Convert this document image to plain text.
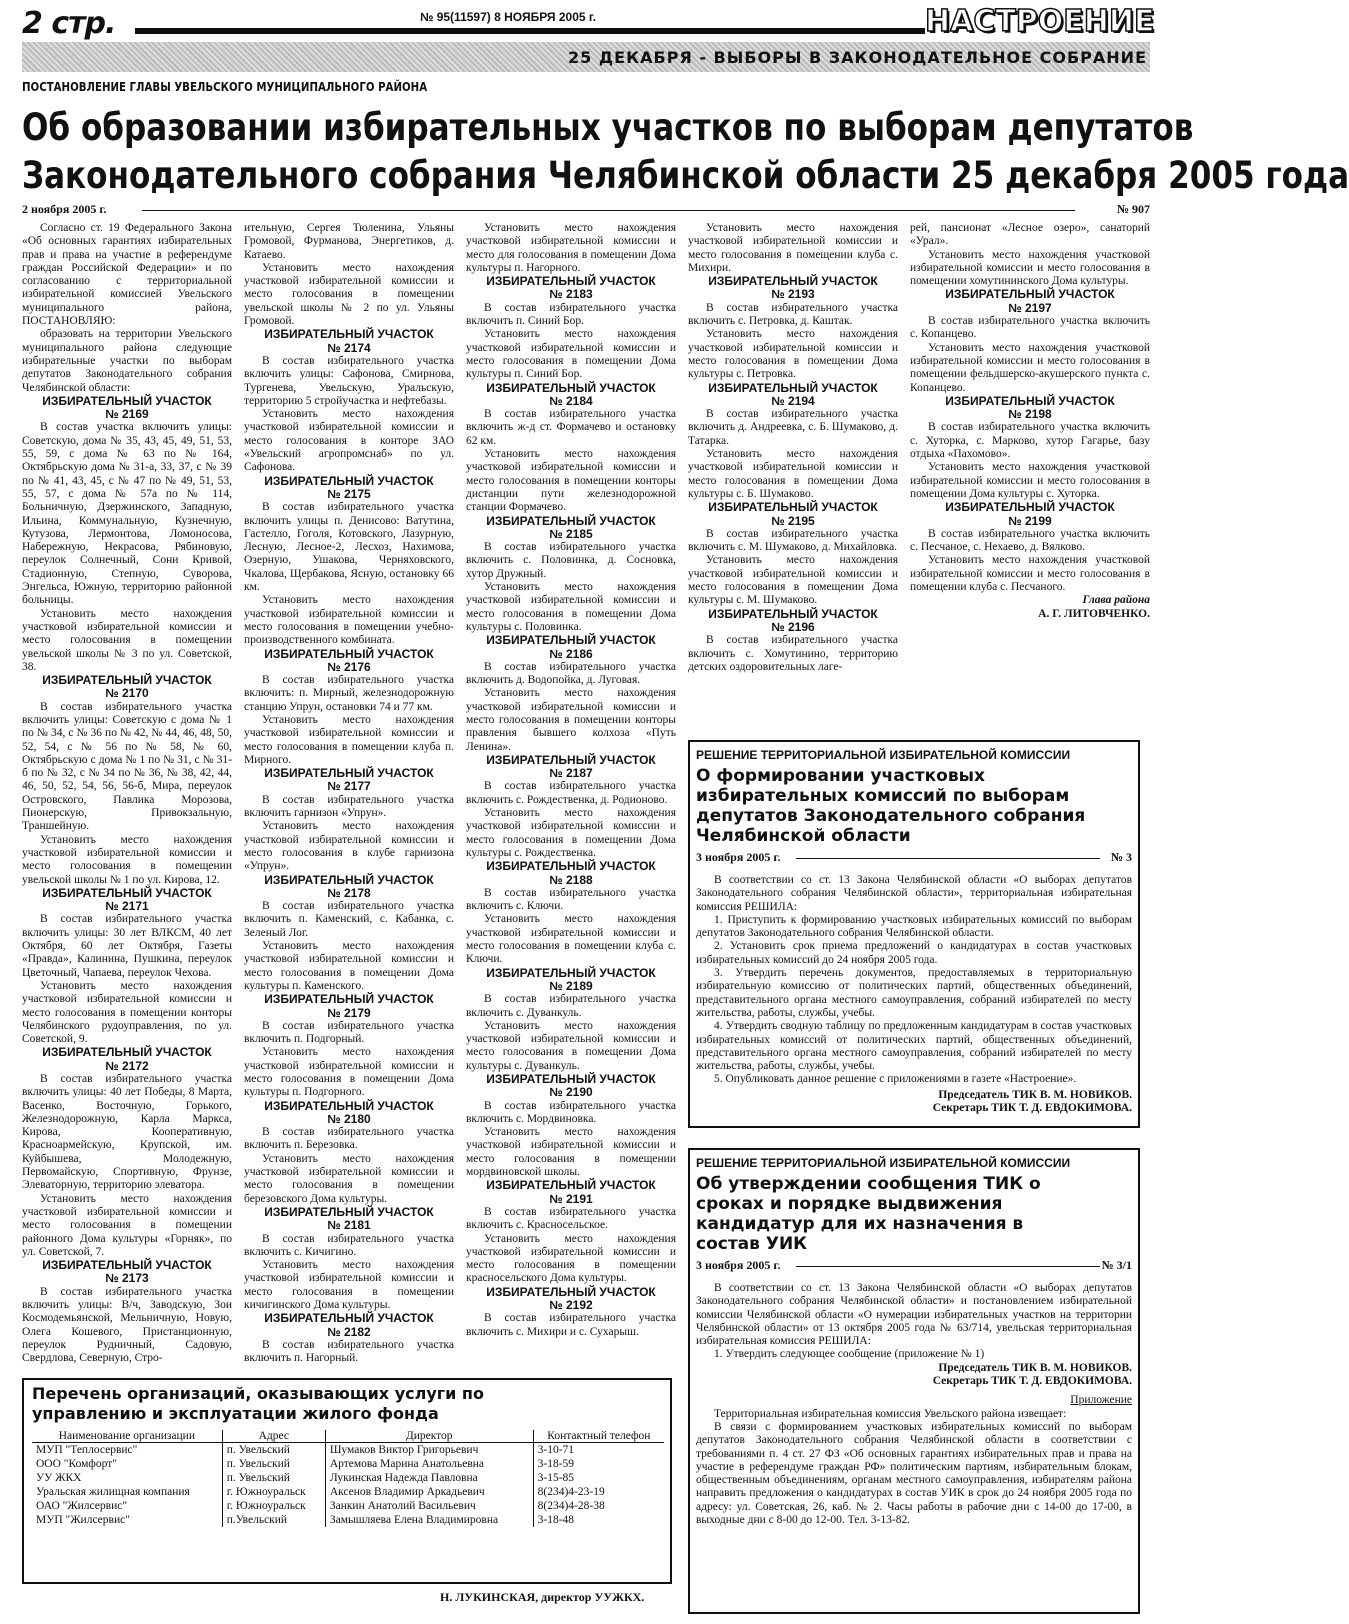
2 стр.	№ 95(11597) 8 НОЯБРЯ 2005 г.	НАСТРОЕНИЕ
25 ДЕКАБРЯ - ВЫБОРЫ В ЗАКОНОДАТЕЛЬНОЕ СОБРАНИЕ
ПОСТАНОВЛЕНИЕ ГЛАВЫ УВЕЛЬСКОГО МУНИЦИПАЛЬНОГО РАЙОНА
Об образовании избирательных участков по выборам депутатов
Законодательного собрания Челябинской области 25 декабря 2005 года
2 ноября 2005 г.	№ 907

Согласно ст. 19 Федерального Закона «Об основных гарантиях избирательных прав и права на участие в референдуме граждан Российской Федерации» и по согласованию с территориальной избирательной комиссией Увельского муниципального района, ПОСТАНОВЛЯЮ:

образовать на территории Увельского муниципального района следующие избирательные участки по выборам депутатов Законодательного собрания Челябинской области:

ИЗБИРАТЕЛЬНЫЙ УЧАСТОК

№ 2169

В состав участка включить улицы: Советскую, дома № 35, 43, 45, 49, 51, 53, 55, 59, с дома № 63 по № 164, Октябрьскую дома № 31-а, 33, 37, с № 39 по № 41, 43, 45, с № 47 по № 49, 51, 53, 55, 57, с дома № 57а по № 114, Больничную, Дзержинского, Западную, Ильина, Коммунальную, Кузнечную, Кутузова, Лермонтова, Ломоносова, Набережную, Некрасова, Рябиновую, переулок Солнечный, Сони Кривой, Стадионную, Степную, Суворова, Энгельса, Южную, территорию районной больницы.

Установить место нахождения участковой избирательной комиссии и место голосования в помещении увельской школы № 3 по ул. Советской, 38.

ИЗБИРАТЕЛЬНЫЙ УЧАСТОК

№ 2170

В состав избирательного участка включить улицы: Советскую с дома № 1 по № 34, с № 36 по № 42, № 44, 46, 48, 50, 52, 54, с № 56 по № 58, № 60, Октябрьскую с дома № 1 по № 31, с № 31-б по № 32, с № 34 по № 36, № 38, 42, 44, 46, 50, 52, 54, 56, 56-б, Мира, переулок Островского, Павлика Морозова, Пионерскую, Привокзальную, Траншейную.

Установить место нахождения участковой избирательной комиссии и место голосования в помещении увельской школы № 1 по ул. Кирова, 12.

ИЗБИРАТЕЛЬНЫЙ УЧАСТОК

№ 2171

В состав избирательного участка включить улицы: 30 лет ВЛКСМ, 40 лет Октября, 60 лет Октября, Газеты «Правда», Калинина, Пушкина, переулок Цветочный, Чапаева, переулок Чехова.

Установить место нахождения участковой избирательной комиссии и место голосования в помещении конторы Челябинского рудоуправления, по ул. Советской, 9.

ИЗБИРАТЕЛЬНЫЙ УЧАСТОК

№ 2172

В состав избирательного участка включить улицы: 40 лет Победы, 8 Марта, Васенко, Восточную, Горького, Железнодорожную, Карла Маркса, Кирова, Кооперативную, Красноармейскую, Крупской, им. Куйбышева, Молодежную, Первомайскую, Спортивную, Фрунзе, Элеваторную, территорию элеватора.

Установить место нахождения участковой избирательной комиссии и место голосования в помещении районного Дома культуры «Горняк», по ул. Советской, 7.

ИЗБИРАТЕЛЬНЫЙ УЧАСТОК

№ 2173

В состав избирательного участка включить улицы: В/ч, Заводскую, Зои Космодемьянской, Мельничную, Новую, Олега Кошевого, Пристанционную, переулок Рудничный, Садовую, Свердлова, Северную, Стро-

ительную, Сергея Тюленина, Ульяны Громовой, Фурманова, Энергетиков, д. Катаево.

Установить место нахождения участковой избирательной комиссии и место голосования в помещении увельской школы № 2 по ул. Ульяны Громовой.

ИЗБИРАТЕЛЬНЫЙ УЧАСТОК

№ 2174

В состав избирательного участка включить улицы: Сафонова, Смирнова, Тургенева, Увельскую, Уральскую, территорию 5 стройучастка и нефтебазы.

Установить место нахождения участковой избирательной комиссии и место голосования в конторе ЗАО «Увельский агропромснаб» по ул. Сафонова.

ИЗБИРАТЕЛЬНЫЙ УЧАСТОК

№ 2175

В состав избирательного участка включить улицы п. Денисово: Ватутина, Гастелло, Гоголя, Котовского, Лазурную, Лесную, Лесное-2, Лесхоз, Нахимова, Озерную, Ушакова, Черняховского, Чкалова, Щербакова, Ясную, остановку 66 км.

Установить место нахождения участковой избирательной комиссии и место голосования в помещении учебно-производственного комбината.

ИЗБИРАТЕЛЬНЫЙ УЧАСТОК

№ 2176

В состав избирательного участка включить: п. Мирный, железнодорожную станцию Упрун, остановки 74 и 77 км.

Установить место нахождения участковой избирательной комиссии и место голосования в помещении клуба п. Мирного.

ИЗБИРАТЕЛЬНЫЙ УЧАСТОК

№ 2177

В состав избирательного участка включить гарнизон «Упрун».

Установить место нахождения участковой избирательной комиссии и место голосования в клубе гарнизона «Упрун».

ИЗБИРАТЕЛЬНЫЙ УЧАСТОК

№ 2178

В состав избирательного участка включить п. Каменский, с. Кабанка, с. Зеленый Лог.

Установить место нахождения участковой избирательной комиссии и место голосования в помещении Дома культуры п. Каменского.

ИЗБИРАТЕЛЬНЫЙ УЧАСТОК

№ 2179

В состав избирательного участка включить п. Подгорный.

Установить место нахождения участковой избирательной комиссии и место голосования в помещении Дома культуры п. Подгорного.

ИЗБИРАТЕЛЬНЫЙ УЧАСТОК

№ 2180

В состав избирательного участка включить п. Березовка.

Установить место нахождения участковой избирательной комиссии и место голосования в помещении березовского Дома культуры.

ИЗБИРАТЕЛЬНЫЙ УЧАСТОК

№ 2181

В состав избирательного участка включить с. Кичигино.

Установить место нахождения участковой избирательной комиссии и место голосования в помещении кичигинского Дома культуры.

ИЗБИРАТЕЛЬНЫЙ УЧАСТОК

№ 2182

В состав избирательного участка включить п. Нагорный.

Установить место нахождения участковой избирательной комиссии и место для голосования в помещении Дома культуры п. Нагорного.

ИЗБИРАТЕЛЬНЫЙ УЧАСТОК

№ 2183

В состав избирательного участка включить п. Синий Бор.

Установить место нахождения участковой избирательной комиссии и место голосования в помещении Дома культуры п. Синий Бор.

ИЗБИРАТЕЛЬНЫЙ УЧАСТОК

№ 2184

В состав избирательного участка включить ж-д ст. Формачево и остановку 62 км.

Установить место нахождения участковой избирательной комиссии и место голосования в помещении конторы дистанции пути железнодорожной станции Формачево.

ИЗБИРАТЕЛЬНЫЙ УЧАСТОК

№ 2185

В состав избирательного участка включить с. Половинка, д. Сосновка, хутор Дружный.

Установить место нахождения участковой избирательной комиссии и место голосования в помещении Дома культуры с. Половинка.

ИЗБИРАТЕЛЬНЫЙ УЧАСТОК

№ 2186

В состав избирательного участка включить д. Водопойка, д. Луговая.

Установить место нахождения участковой избирательной комиссии и место голосования в помещении конторы правления бывшего колхоза «Путь Ленина».

ИЗБИРАТЕЛЬНЫЙ УЧАСТОК

№ 2187

В состав избирательного участка включить с. Рождественка, д. Родионово.

Установить место нахождения участковой избирательной комиссии и место голосования в помещении Дома культуры с. Рождественка.

ИЗБИРАТЕЛЬНЫЙ УЧАСТОК

№ 2188

В состав избирательного участка включить с. Ключи.

Установить место нахождения участковой избирательной комиссии и место голосования в помещении клуба с. Ключи.

ИЗБИРАТЕЛЬНЫЙ УЧАСТОК

№ 2189

В состав избирательного участка включить с. Дуванкуль.

Установить место нахождения участковой избирательной комиссии и место голосования в помещении Дома культуры с. Дуванкуль.

ИЗБИРАТЕЛЬНЫЙ УЧАСТОК

№ 2190

В состав избирательного участка включить с. Мордвиновка.

Установить место нахождения участковой избирательной комиссии и место голосования в помещении мордвиновской школы.

ИЗБИРАТЕЛЬНЫЙ УЧАСТОК

№ 2191

В состав избирательного участка включить с. Красносельское.

Установить место нахождения участковой избирательной комиссии и место голосования в помещении красносельского Дома культуры.

ИЗБИРАТЕЛЬНЫЙ УЧАСТОК

№ 2192

В состав избирательного участка включить с. Михири и с. Сухарыш.

Установить место нахождения участковой избирательной комиссии и место голосования в помещении клуба с. Михири.

ИЗБИРАТЕЛЬНЫЙ УЧАСТОК

№ 2193

В состав избирательного участка включить с. Петровка, д. Каштак.

Установить место нахождения участковой избирательной комиссии и место голосования в помещении Дома культуры с. Петровка.

ИЗБИРАТЕЛЬНЫЙ УЧАСТОК

№ 2194

В состав избирательного участка включить д. Андреевка, с. Б. Шумаково, д. Татарка.

Установить место нахождения участковой избирательной комиссии и место голосования в помещении Дома культуры с. Б. Шумаково.

ИЗБИРАТЕЛЬНЫЙ УЧАСТОК

№ 2195

В состав избирательного участка включить с. М. Шумаково, д. Михайловка.

Установить место нахождения участковой избирательной комиссии и место голосования в помещении Дома культуры с. М. Шумаково.

ИЗБИРАТЕЛЬНЫЙ УЧАСТОК

№ 2196

В состав избирательного участка включить с. Хомутинино, территорию детских оздоровительных лаге-

рей, пансионат «Лесное озеро», санаторий «Урал».

Установить место нахождения участковой избирательной комиссии и место голосования в помещении хомутининского Дома культуры.

ИЗБИРАТЕЛЬНЫЙ УЧАСТОК

№ 2197

В состав избирательного участка включить с. Копанцево.

Установить место нахождения участковой избирательной комиссии и место голосования в помещении фельдшерско-акушерского пункта с. Копанцево.

ИЗБИРАТЕЛЬНЫЙ УЧАСТОК

№ 2198

В состав избирательного участка включить с. Хуторка, с. Марково, хутор Гагарье, базу отдыха «Пахомово».

Установить место нахождения участковой избирательной комиссии и место голосования в помещении Дома культуры с. Хуторка.

ИЗБИРАТЕЛЬНЫЙ УЧАСТОК

№ 2199

В состав избирательного участка включить с. Песчаное, с. Нехаево, д. Вялково.

Установить место нахождения участковой избирательной комиссии и место голосования в помещении клуба с. Песчаного.

Глава района

А. Г. ЛИТОВЧЕНКО.

РЕШЕНИЕ ТЕРРИТОРИАЛЬНОЙ ИЗБИРАТЕЛЬНОЙ КОМИССИИ
О формировании участковых избирательных комиссий по выборам депутатов Законодательного собрания Челябинской области
3 ноября 2005 г.	№ 3

В соответствии со ст. 13 Закона Челябинской области «О выборах депутатов Законодательного собрания Челябинской области», территориальная избирательная комиссия РЕШИЛА:

1. Приступить к формированию участковых избирательных комиссий по выборам депутатов Законодательного собрания Челябинской области.

2. Установить срок приема предложений о кандидатурах в состав участковых избирательных комиссий до 24 ноября 2005 года.

3. Утвердить перечень документов, предоставляемых в территориальную избирательную комиссию от политических партий, общественных объединений, представительного органа местного самоуправления, собраний избирателей по месту жительства, работы, службы, учебы.

4. Утвердить сводную таблицу по предложенным кандидатурам в состав участковых избирательных комиссий от политических партий, общественных объединений, представительного органа местного самоуправления, собраний избирателей по месту жительства, работы, службы, учебы.

5. Опубликовать данное решение с приложениями в газете «Настроение».

Председатель ТИК В. М. НОВИКОВ.
Секретарь ТИК Т. Д. ЕВДОКИМОВА.
РЕШЕНИЕ ТЕРРИТОРИАЛЬНОЙ ИЗБИРАТЕЛЬНОЙ КОМИССИИ
Об утверждении сообщения ТИК о сроках и порядке выдвижения кандидатур для их назначения в состав УИК
3 ноября 2005 г.	№ 3/1

В соответствии со ст. 13 Закона Челябинской области «О выборах депутатов Законодательного собрания Челябинской области» и постановлением избирательной комиссии Челябинской области «О нумерации избирательных участков на территории Челябинской области» от 13 октября 2005 года № 63/714, увельская территориальная избирательная комиссия РЕШИЛА:

1. Утвердить следующее сообщение (приложение № 1)

Председатель ТИК В. М. НОВИКОВ.
Секретарь ТИК Т. Д. ЕВДОКИМОВА.
Приложение

Территориальная избирательная комиссия Увельского района извещает:

В связи с формированием участковых избирательных комиссий по выборам депутатов Законодательного собрания Челябинской области в соответствии с требованиями п. 4 ст. 27 ФЗ «Об основных гарантиях избирательных прав и права на участие в референдуме граждан РФ» политическим партиям, избирательным блокам, общественным объединениям, органам местного самоуправления, избирателям района направить предложения о кандидатурах в состав УИК в срок до 24 ноября 2005 года по адресу: ул. Советская, 26, каб. № 2. Часы работы в рабочие дни с 14-00 до 17-00, в выходные дни с 8-00 до 12-00. Тел. 3-13-82.

Перечень организаций, оказывающих услуги по управлению и эксплуатации жилого фонда
Наименование организации	Адрес	Директор	Контактный телефон
МУП "Теплосервис"	п. Увельский	Шумаков Виктор Григорьевич	3-10-71
ООО "Комфорт"	п. Увельский	Артемова Марина Анатольевна	3-18-59
УУ ЖКХ	п. Увельский	Лукинская Надежда Павловна	3-15-85
Уральская жилищная компания	г. Южноуральск	Аксенов Владимир Аркадьевич	8(234)4-23-19
ОАО "Жилсервис"	г. Южноуральск	Занкин Анатолий Васильевич	8(234)4-28-38
МУП "Жилсервис"	п.Увельский	Замышляева Елена Владимировна	3-18-48
Н. ЛУКИНСКАЯ, директор УУЖКХ.
